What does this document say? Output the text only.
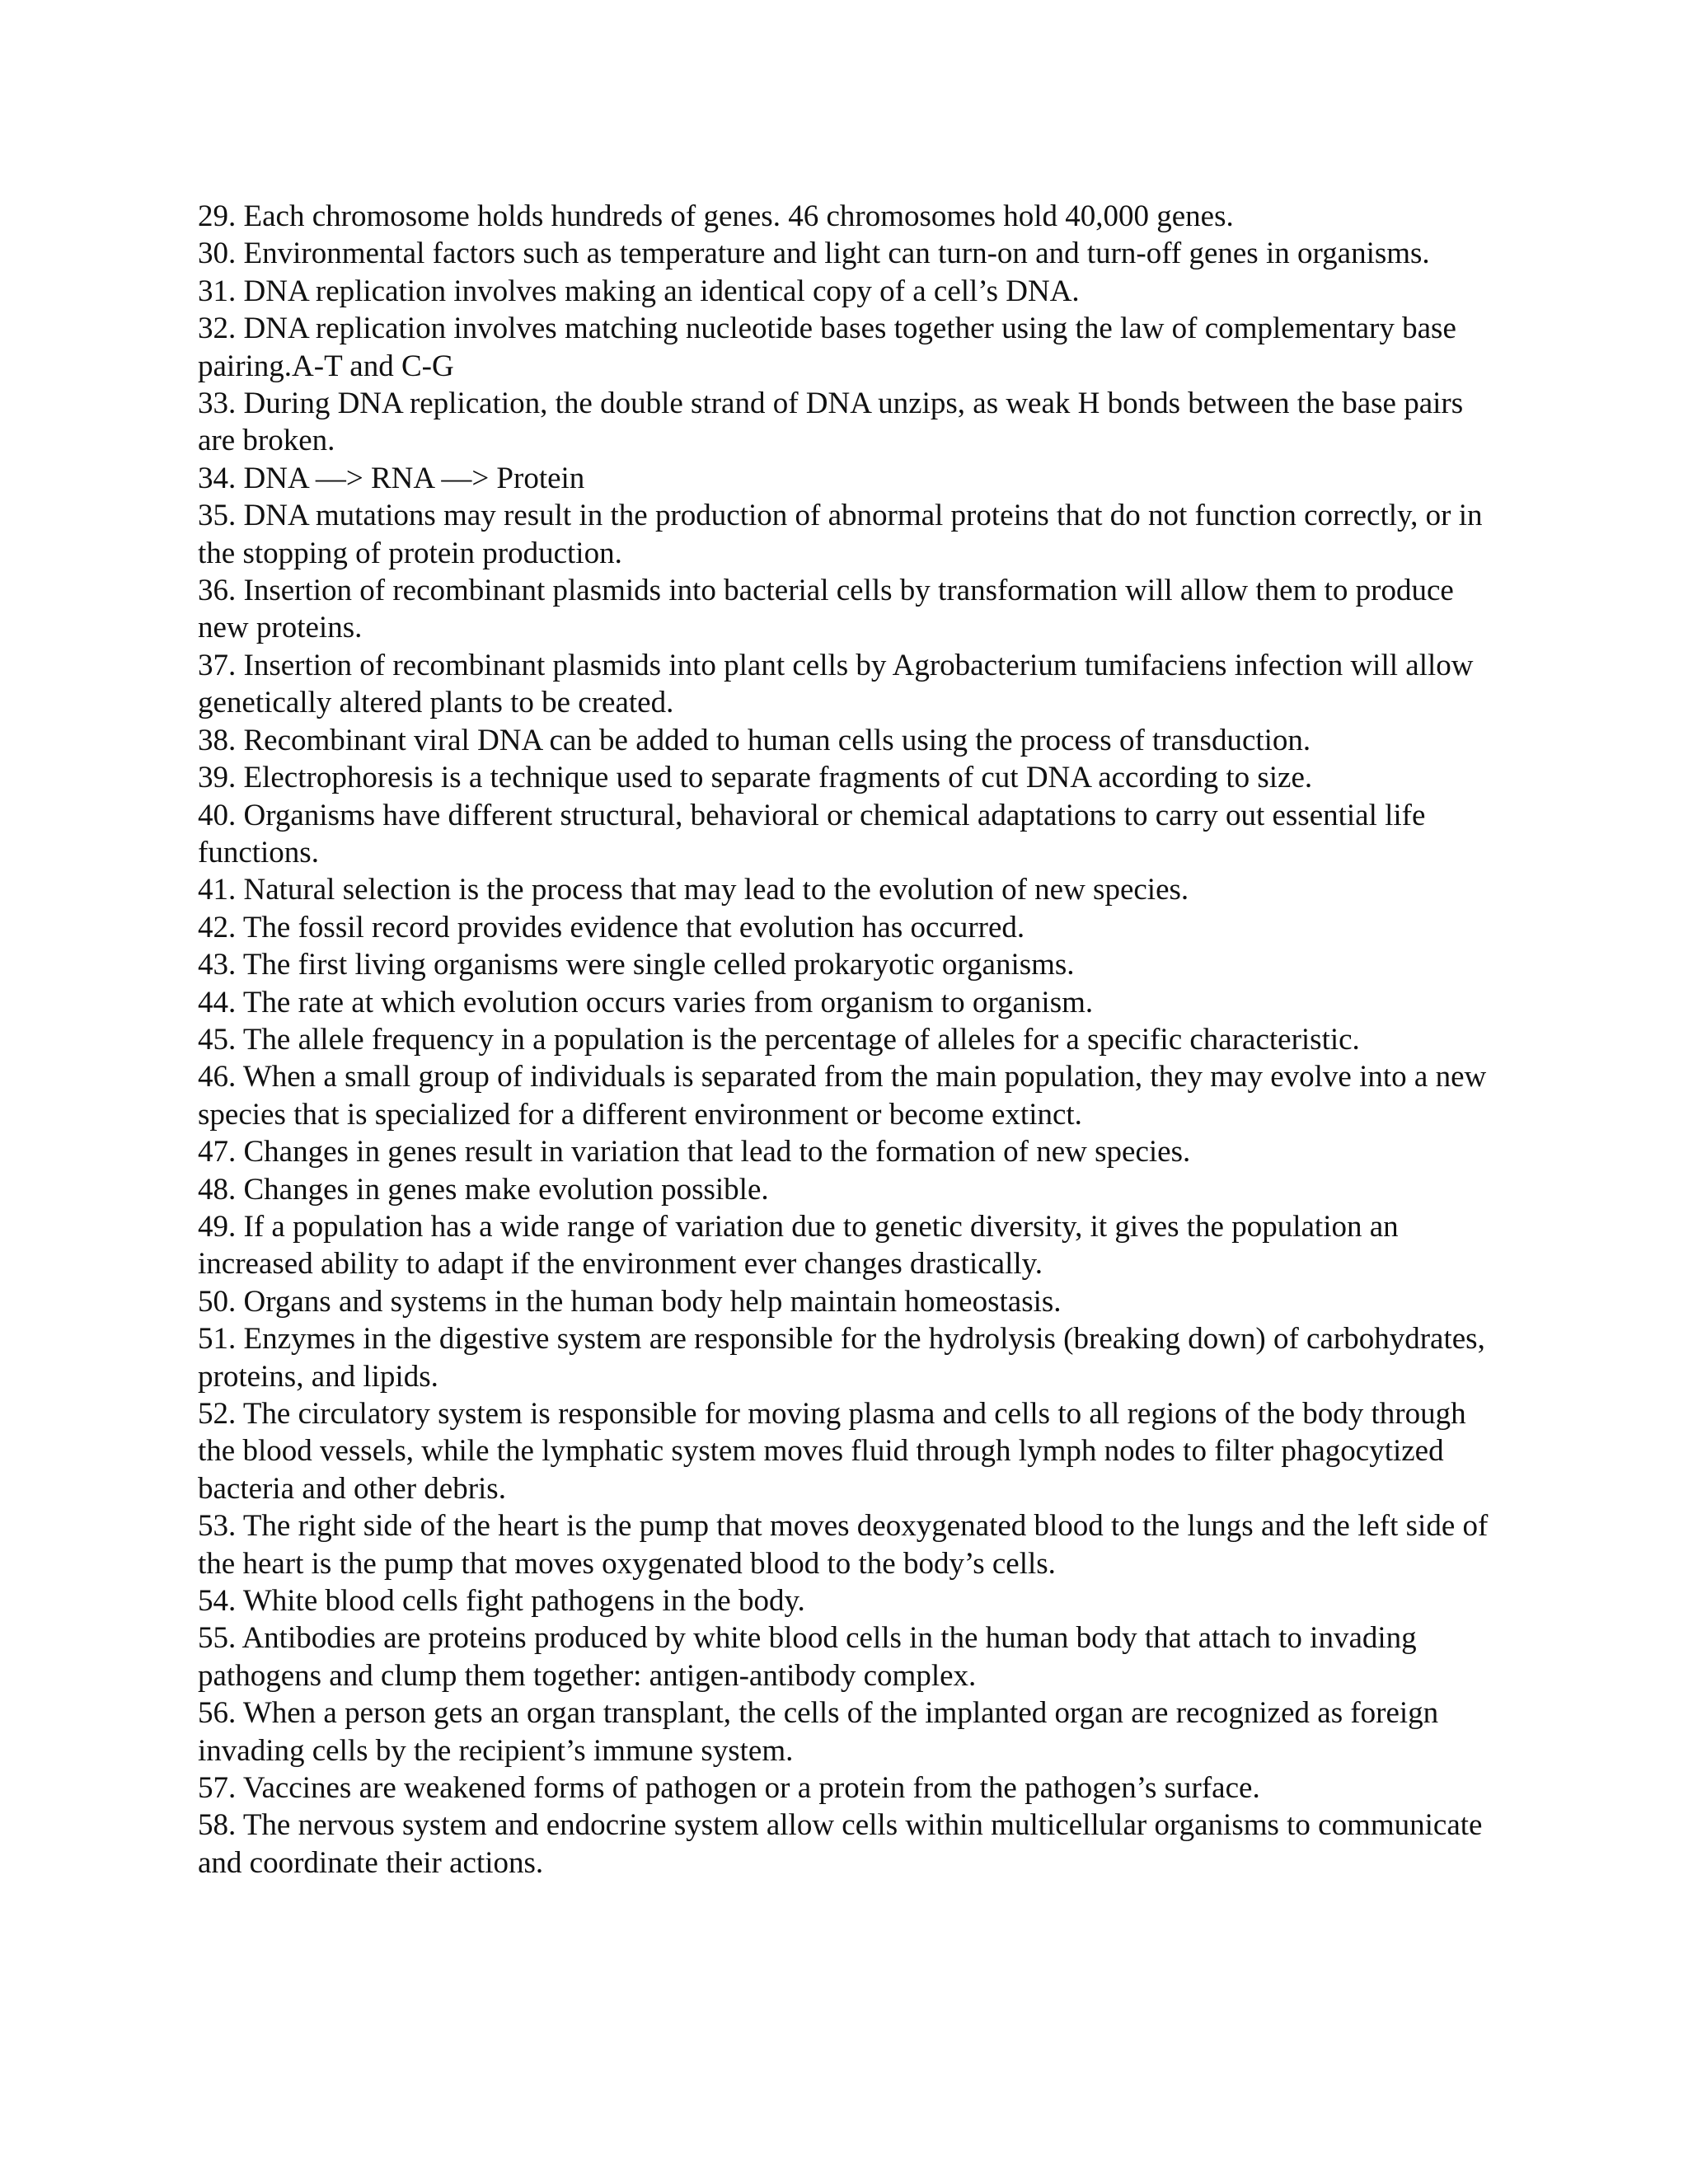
29. Each chromosome holds hundreds of genes. 46 chromosomes hold 40,000 genes.

30. Environmental factors such as temperature and light can turn-on and turn-off genes in organisms.

31. DNA replication involves making an identical copy of a cell’s DNA.

32. DNA replication involves matching nucleotide bases together using the law of complementary base pairing.A-T and C-G

33. During DNA replication, the double strand of DNA unzips, as weak H bonds between the base pairs are broken.

34. DNA —> RNA —> Protein

35. DNA mutations may result in the production of abnormal proteins that do not function correctly, or in the stopping of protein production.

36. Insertion of recombinant plasmids into bacterial cells by transformation will allow them to produce new proteins.

37. Insertion of recombinant plasmids into plant cells by Agrobacterium tumifaciens infection will allow genetically altered plants to be created.

38. Recombinant viral DNA can be added to human cells using the process of transduction.

39. Electrophoresis is a technique used to separate fragments of cut DNA according to size.

40. Organisms have different structural, behavioral or chemical adaptations to carry out essential life functions.

41. Natural selection is the process that may lead to the evolution of new species.

42. The fossil record provides evidence that evolution has occurred.

43. The first living organisms were single celled prokaryotic organisms.

44. The rate at which evolution occurs varies from organism to organism.

45. The allele frequency in a population is the percentage of alleles for a specific characteristic.

46. When a small group of individuals is separated from the main population, they may evolve into a new species that is specialized for a different environment or become extinct.

47. Changes in genes result in variation that lead to the formation of new species.

48. Changes in genes make evolution possible.

49. If a population has a wide range of variation due to genetic diversity, it gives the population an increased ability to adapt if the environment ever changes drastically.

50. Organs and systems in the human body help maintain homeostasis.

51. Enzymes in the digestive system are responsible for the hydrolysis (breaking down) of carbohydrates, proteins, and lipids.

52. The circulatory system is responsible for moving plasma and cells to all regions of the body through the blood vessels, while the lymphatic system moves fluid through lymph nodes to filter phagocytized bacteria and other debris.

53. The right side of the heart is the pump that moves deoxygenated blood to the lungs and the left side of the heart is the pump that moves oxygenated blood to the body’s cells.

54. White blood cells fight pathogens in the body.

55. Antibodies are proteins produced by white blood cells in the human body that attach to invading pathogens and clump them together: antigen-antibody complex.

56. When a person gets an organ transplant, the cells of the implanted organ are recognized as foreign invading cells by the recipient’s immune system.

57. Vaccines are weakened forms of pathogen or a protein from the pathogen’s surface.

58. The nervous system and endocrine system allow cells within multicellular organisms to communicate and coordinate their actions.
